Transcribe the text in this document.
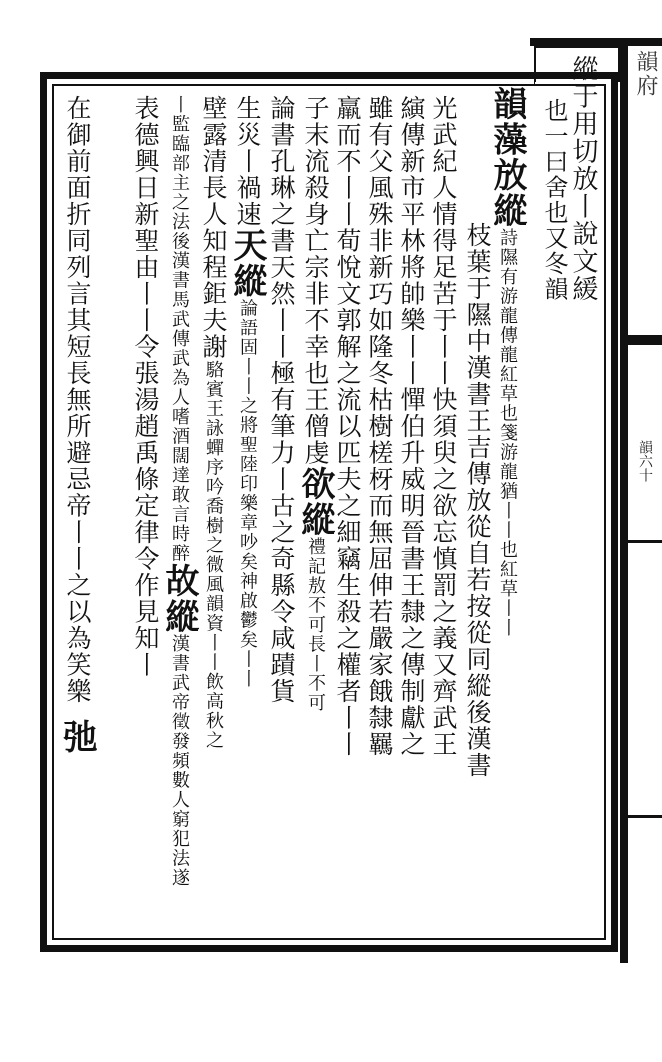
韻府
韻六十
縱于用切放丨說文緩
也一曰舍也又冬韻
韻藻放縱詩隰有游龍傳龍紅草也箋游龍猶丨丨也紅草丨丨
枝葉于隰中漢書王吉傳放從自若按從同縱後漢書
光武紀人情得足苦于丨丨快須臾之欲忘慎罰之義又齊武王
縯傳新市平林將帥樂丨丨憚伯升威明晉書王隸之傳制獻之
雖有父風殊非新巧如隆冬枯樹槎枒而無屈伸若嚴家餓隸羈
羸而不丨丨荀悅文郭解之流以匹夫之細竊生殺之權者丨丨
子末流殺身亡宗非不幸也王僧虔欲縱禮記敖不可長丨不可
論書孔琳之書天然丨丨極有筆力丨古之奇縣令咸蹟貨
生災丨禍速天縱論語固丨丨之將聖陸印樂章吵矣神啟鬱矣丨丨
壁露清長人知程鉅夫謝駱賓王詠蟬序吟喬樹之微風韻資丨丨飲高秋之
丨監臨部主之法後漢書馬武傳武為人嗜酒闊達敢言時醉故縱漢書武帝徵發頻數人窮犯法遂
表德興日新聖由丨丨令張湯趙禹條定律令作見知丨
在御前面折同列言其短長無所避忌帝丨丨之以為笑樂弛
